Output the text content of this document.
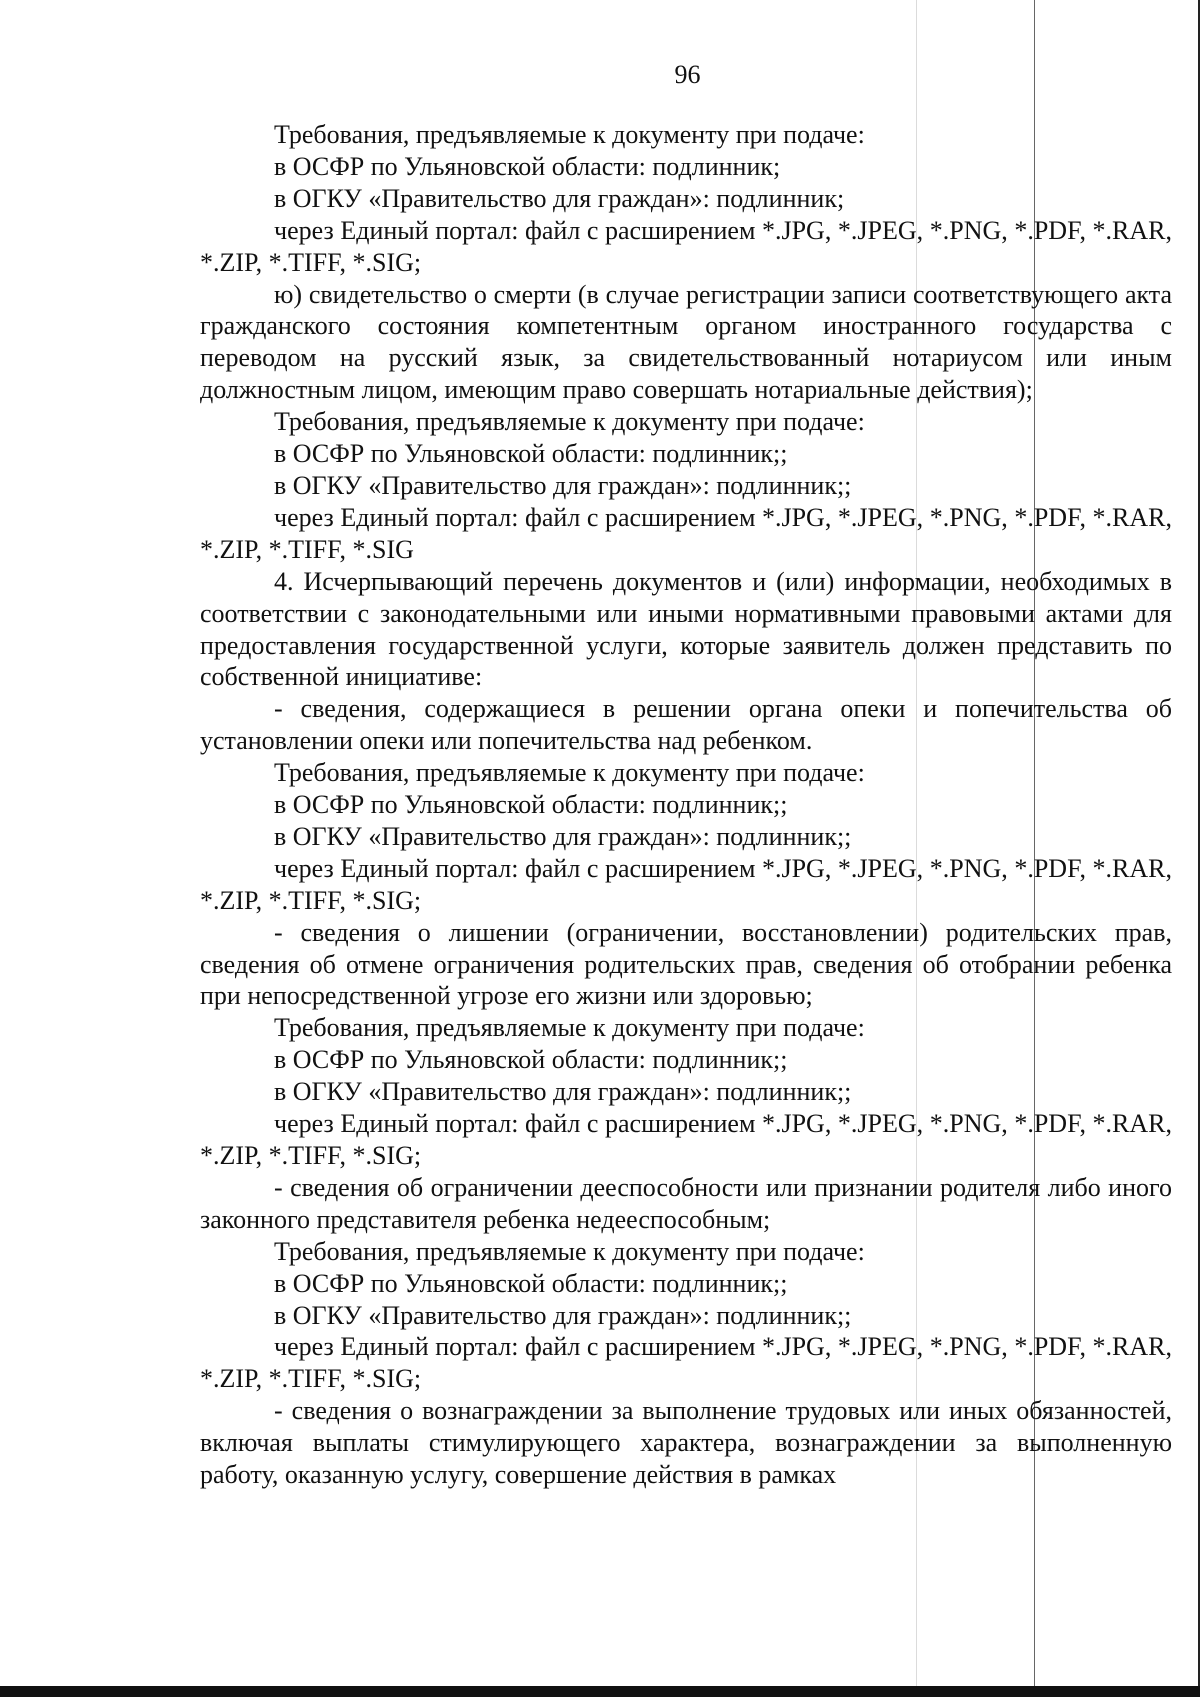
96

Требования, предъявляемые к документу при подаче:

в ОСФР по Ульяновской области: подлинник;

в ОГКУ «Правительство для граждан»: подлинник;

через Единый портал: файл с расширением *.JPG, *.JPEG, *.PNG, *.PDF, *.RAR, *.ZIP, *.TIFF, *.SIG;

ю) свидетельство о смерти (в случае регистрации записи соответствующего акта гражданского состояния компетентным органом иностранного государства с переводом на русский язык, за свидетельствованный нотариусом или иным должностным лицом, имеющим право совершать нотариальные действия);

Требования, предъявляемые к документу при подаче:

в ОСФР по Ульяновской области: подлинник;;

в ОГКУ «Правительство для граждан»: подлинник;;

через Единый портал: файл с расширением *.JPG, *.JPEG, *.PNG, *.PDF, *.RAR, *.ZIP, *.TIFF, *.SIG

4. Исчерпывающий перечень документов и (или) информации, необходимых в соответствии с законодательными или иными нормативными правовыми актами для предоставления государственной услуги, которые заявитель должен представить по собственной инициативе:

- сведения, содержащиеся в решении органа опеки и попечительства об установлении опеки или попечительства над ребенком.

Требования, предъявляемые к документу при подаче:

в ОСФР по Ульяновской области: подлинник;;

в ОГКУ «Правительство для граждан»: подлинник;;

через Единый портал: файл с расширением *.JPG, *.JPEG, *.PNG, *.PDF, *.RAR, *.ZIP, *.TIFF, *.SIG;

- сведения о лишении (ограничении, восстановлении) родительских прав, сведения об отмене ограничения родительских прав, сведения об отобрании ребенка при непосредственной угрозе его жизни или здоровью;

Требования, предъявляемые к документу при подаче:

в ОСФР по Ульяновской области: подлинник;;

в ОГКУ «Правительство для граждан»: подлинник;;

через Единый портал: файл с расширением *.JPG, *.JPEG, *.PNG, *.PDF, *.RAR, *.ZIP, *.TIFF, *.SIG;

- сведения об ограничении дееспособности или признании родителя либо иного законного представителя ребенка недееспособным;

Требования, предъявляемые к документу при подаче:

в ОСФР по Ульяновской области: подлинник;;

в ОГКУ «Правительство для граждан»: подлинник;;

через Единый портал: файл с расширением *.JPG, *.JPEG, *.PNG, *.PDF, *.RAR, *.ZIP, *.TIFF, *.SIG;

- сведения о вознаграждении за выполнение трудовых или иных обязанностей, включая выплаты стимулирующего характера, вознаграждении за выполненную работу, оказанную услугу, совершение действия в рамках
